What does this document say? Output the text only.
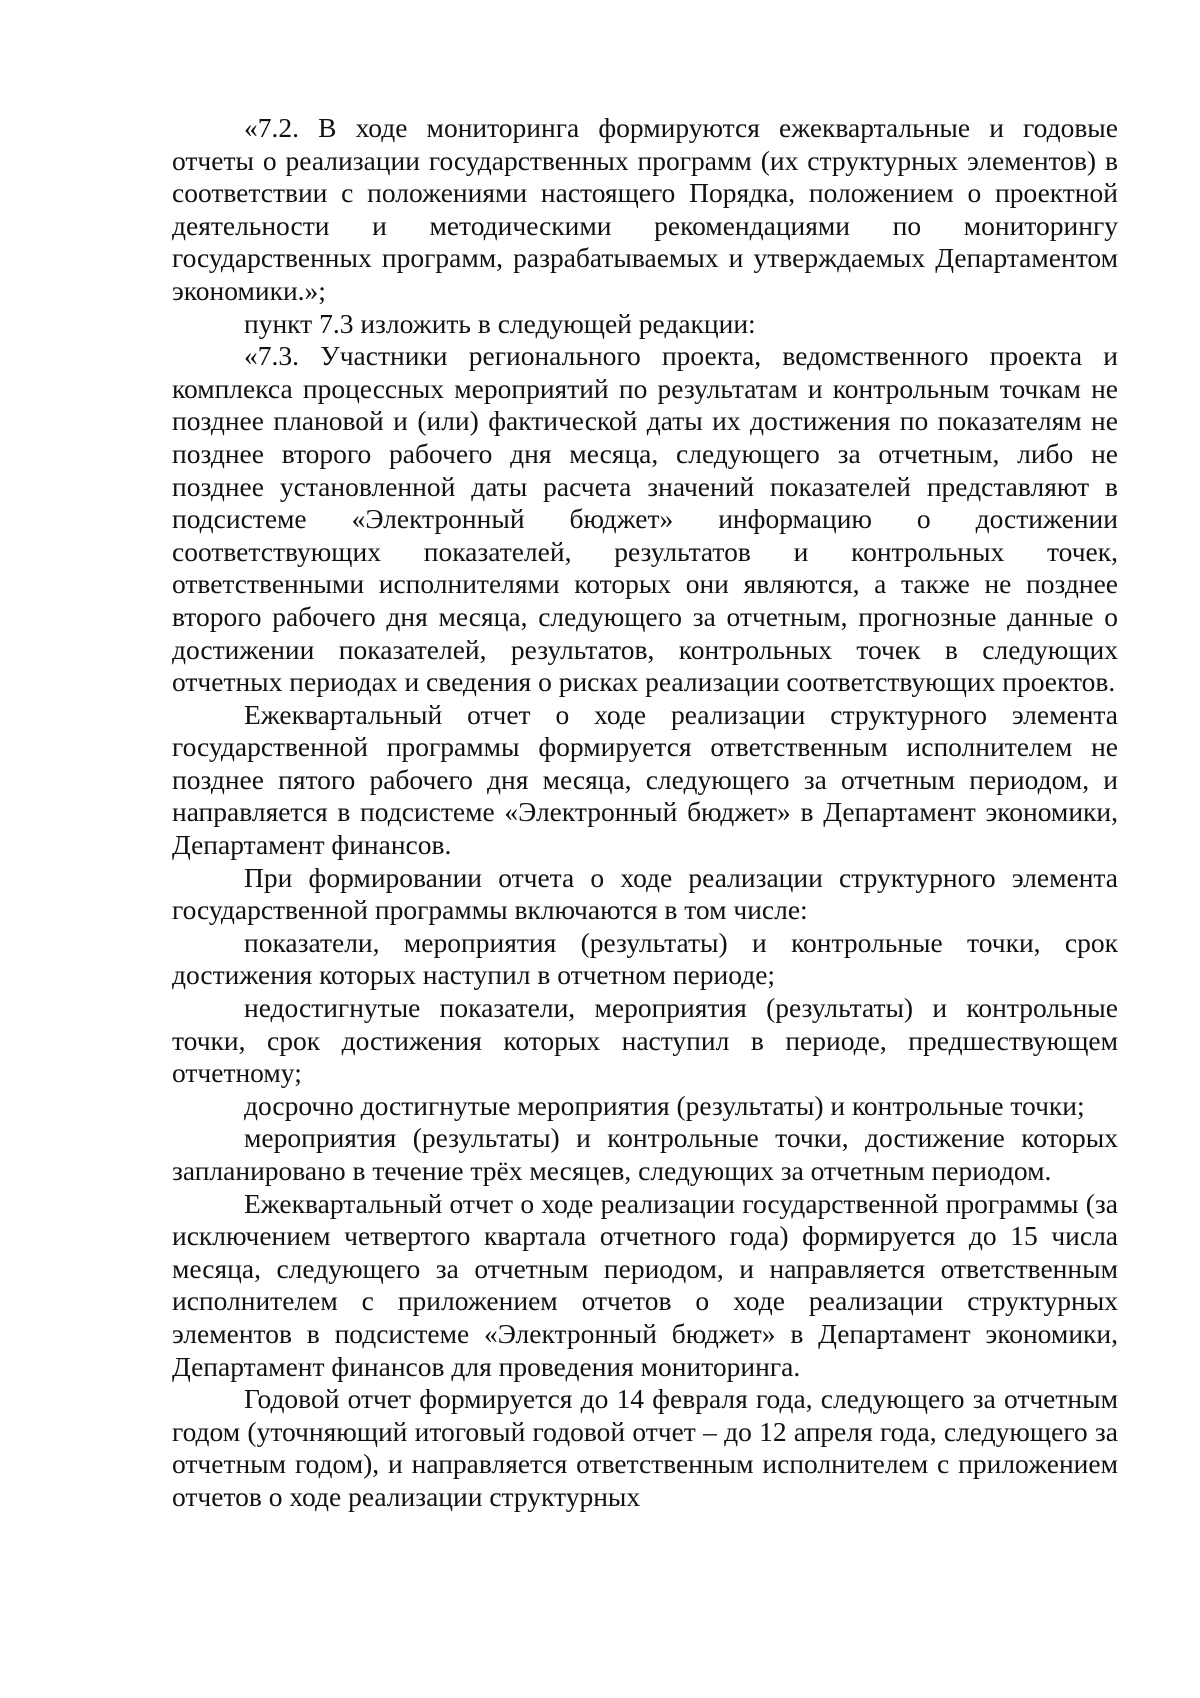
«7.2. В ходе мониторинга формируются ежеквартальные и годовые отчеты о реализации государственных программ (их структурных элементов) в соответствии с положениями настоящего Порядка, положением о проектной деятельности и методическими рекомендациями по мониторингу государственных программ, разрабатываемых и утверждаемых Департаментом экономики.»;

пункт 7.3 изложить в следующей редакции:

«7.3. Участники регионального проекта, ведомственного проекта и комплекса процессных мероприятий по результатам и контрольным точкам не позднее плановой и (или) фактической даты их достижения по показателям не позднее второго рабочего дня месяца, следующего за отчетным, либо не позднее установленной даты расчета значений показателей представляют в подсистеме «Электронный бюджет» информацию о достижении соответствующих показателей, результатов и контрольных точек, ответственными исполнителями которых они являются, а также не позднее второго рабочего дня месяца, следующего за отчетным, прогнозные данные о достижении показателей, результатов, контрольных точек в следующих отчетных периодах и сведения о рисках реализации соответствующих проектов.

Ежеквартальный отчет о ходе реализации структурного элемента государственной программы формируется ответственным исполнителем не позднее пятого рабочего дня месяца, следующего за отчетным периодом, и направляется в подсистеме «Электронный бюджет» в Департамент экономики, Департамент финансов.

При формировании отчета о ходе реализации структурного элемента государственной программы включаются в том числе:

показатели, мероприятия (результаты) и контрольные точки, срок достижения которых наступил в отчетном периоде;

недостигнутые показатели, мероприятия (результаты) и контрольные точки, срок достижения которых наступил в периоде, предшествующем отчетному;

досрочно достигнутые мероприятия (результаты) и контрольные точки;

мероприятия (результаты) и контрольные точки, достижение которых запланировано в течение трёх месяцев, следующих за отчетным периодом.

Ежеквартальный отчет о ходе реализации государственной программы (за исключением четвертого квартала отчетного года) формируется до 15 числа месяца, следующего за отчетным периодом, и направляется ответственным исполнителем с приложением отчетов о ходе реализации структурных элементов в подсистеме «Электронный бюджет» в Департамент экономики, Департамент финансов для проведения мониторинга.

Годовой отчет формируется до 14 февраля года, следующего за отчетным годом (уточняющий итоговый годовой отчет – до 12 апреля года, следующего за отчетным годом), и направляется ответственным исполнителем с приложением отчетов о ходе реализации структурных
